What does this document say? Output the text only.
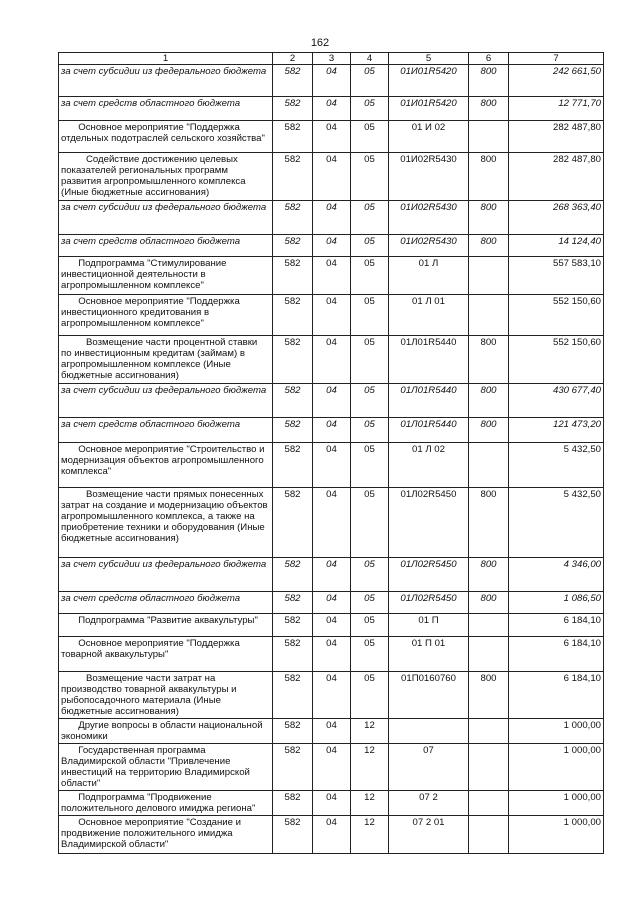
162
1	2	3	4	5	6	7
за счет субсидии из федерального бюджета	582	04	05	01И01R5420	800	242 661,50
за счет средств областного бюджета	582	04	05	01И01R5420	800	12 771,70
Основное мероприятие "Поддержка отдельных подотраслей сельского хозяйства"	582	04	05	01 И 02		282 487,80
Содействие достижению целевых показателей региональных программ развития агропромышленного комплекса (Иные бюджетные ассигнования)	582	04	05	01И02R5430	800	282 487,80
за счет субсидии из федерального бюджета	582	04	05	01И02R5430	800	268 363,40
за счет средств областного бюджета	582	04	05	01И02R5430	800	14 124,40
Подпрограмма "Стимулирование инвестиционной деятельности в агропромышленном комплексе"	582	04	05	01 Л		557 583,10
Основное мероприятие "Поддержка инвестиционного кредитования в агропромышленном комплексе"	582	04	05	01 Л 01		552 150,60
Возмещение части процентной ставки по инвестиционным кредитам (займам) в агропромышленном комплексе (Иные бюджетные ассигнования)	582	04	05	01Л01R5440	800	552 150,60
за счет субсидии из федерального бюджета	582	04	05	01Л01R5440	800	430 677,40
за счет средств областного бюджета	582	04	05	01Л01R5440	800	121 473,20
Основное мероприятие "Строительство и модернизация объектов агропромышленного комплекса"	582	04	05	01 Л 02		5 432,50
Возмещение части прямых понесенных затрат на создание и модернизацию объектов агропромышленного комплекса, а также на приобретение техники и оборудования (Иные бюджетные ассигнования)	582	04	05	01Л02R5450	800	5 432,50
за счет субсидии из федерального бюджета	582	04	05	01Л02R5450	800	4 346,00
за счет средств областного бюджета	582	04	05	01Л02R5450	800	1 086,50
Подпрограмма "Развитие аквакультуры"	582	04	05	01 П		6 184,10
Основное мероприятие "Поддержка товарной аквакультуры"	582	04	05	01 П 01		6 184,10
Возмещение части затрат на производство товарной аквакультуры и рыбопосадочного материала (Иные бюджетные ассигнования)	582	04	05	01П0160760	800	6 184,10
Другие вопросы в области национальной экономики	582	04	12			1 000,00
Государственная программа Владимирской области "Привлечение инвестиций на территорию Владимирской области"	582	04	12	07		1 000,00
Подпрограмма "Продвижение положительного делового имиджа региона"	582	04	12	07 2		1 000,00
Основное мероприятие "Создание и продвижение положительного имиджа Владимирской области"	582	04	12	07 2 01		1 000,00
